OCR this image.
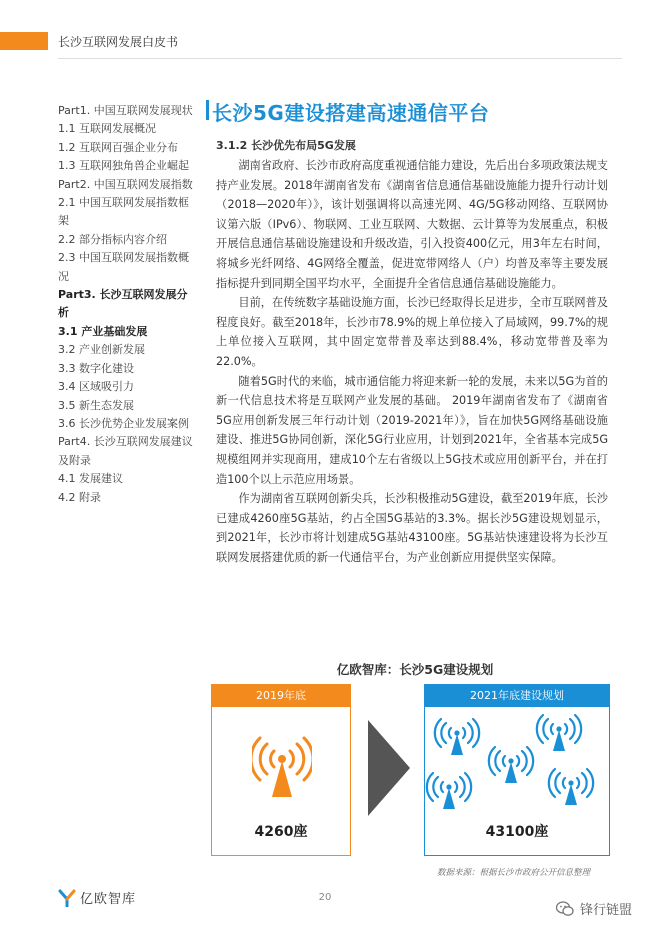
长沙互联网发展白皮书
Part1. 中国互联网发展现状
1.1 互联网发展概况
1.2 互联网百强企业分布
1.3 互联网独角兽企业崛起
Part2. 中国互联网发展指数
2.1 中国互联网发展指数框
架
2.2 部分指标内容介绍
2.3 中国互联网发展指数概
况
Part3. 长沙互联网发展分
析
3.1 产业基础发展
3.2 产业创新发展
3.3 数字化建设
3.4 区域吸引力
3.5 新生态发展
3.6 长沙优势企业发展案例
Part4. 长沙互联网发展建议
及附录
4.1 发展建议
4.2 附录
长沙5G建设搭建高速通信平台
3.1.2 长沙优先布局5G发展

湖南省政府、长沙市政府高度重视通信能力建设，先后出台多项政策法规支持产业发展。2018年湖南省发布《湖南省信息通信基础设施能力提升行动计划（2018—2020年）》，该计划强调将以高速光网、4G/5G移动网络、互联网协议第六版（IPv6）、物联网、工业互联网、大数据、云计算等为发展重点，积极开展信息通信基础设施建设和升级改造，引入投资400亿元，用3年左右时间，将城乡光纤网络、4G网络全覆盖，促进宽带网络人（户）均普及率等主要发展指标提升到同期全国平均水平，全面提升全省信息通信基础设施能力。

目前，在传统数字基础设施方面，长沙已经取得长足进步，全市互联网普及程度良好。截至2018年，长沙市78.9%的规上单位接入了局域网，99.7%的规上单位接入互联网，其中固定宽带普及率达到88.4%，移动宽带普及率为22.0%。

随着5G时代的来临，城市通信能力将迎来新一轮的发展，未来以5G为首的新一代信息技术将是互联网产业发展的基础。 2019年湖南省发布了《湖南省5G应用创新发展三年行动计划（2019-2021年）》，旨在加快5G网络基础设施建设、推进5G协同创新，深化5G行业应用，计划到2021年，全省基本完成5G规模组网并实现商用，建成10个左右省级以上5G技术或应用创新平台，并在打造100个以上示范应用场景。

作为湖南省互联网创新尖兵，长沙积极推动5G建设，截至2019年底，长沙已建成4260座5G基站，约占全国5G基站的3.3%。据长沙5G建设规划显示，到2021年，长沙市将计划建成5G基站43100座。5G基站快速建设将为长沙互联网发展搭建优质的新一代通信平台，为产业创新应用提供坚实保障。

亿欧智库：长沙5G建设规划
2019年底
4260座
2021年底建设规划
43100座
数据来源：根据长沙市政府公开信息整理
亿欧智库	20
锋行链盟
